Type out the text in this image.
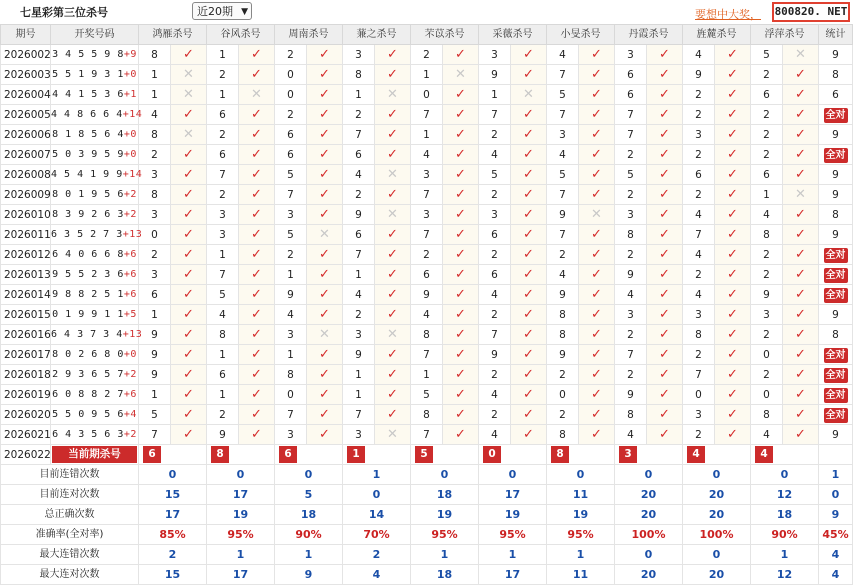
七星彩第三位杀号	近20期 ▼	要想中大奖， 800820. NET
期号	开奖号码	鸿雁杀号		谷风杀号		周南杀号		蒹之杀号		芣苡杀号		采薇杀号		小旻杀号		丹霞杀号		旌麓杀号		浮萍杀号		统计
2026002	3 4 5 5 9 8+9	8	✓	1	✓	2	✓	3	✓	2	✓	3	✓	4	✓	3	✓	4	✓	5	✕	9
2026003	5 5 1 9 3 1+0	1	✕	2	✓	0	✓	8	✓	1	✕	9	✓	7	✓	6	✓	9	✓	2	✓	8
2026004	4 4 1 5 3 6+1	1	✕	1	✕	0	✓	1	✕	0	✓	1	✕	5	✓	6	✓	2	✓	6	✓	6
2026005	4 4 8 6 6 4+14	4	✓	6	✓	2	✓	2	✓	7	✓	7	✓	7	✓	7	✓	2	✓	2	✓	全对
2026006	8 1 8 5 6 4+0	8	✕	2	✓	6	✓	7	✓	1	✓	2	✓	3	✓	7	✓	3	✓	2	✓	9
2026007	5 0 3 9 5 9+0	2	✓	6	✓	6	✓	6	✓	4	✓	4	✓	4	✓	2	✓	2	✓	2	✓	全对
2026008	4 5 4 1 9 9+14	3	✓	7	✓	5	✓	4	✕	3	✓	5	✓	5	✓	5	✓	6	✓	6	✓	9
2026009	8 0 1 9 5 6+2	8	✓	2	✓	7	✓	2	✓	7	✓	2	✓	7	✓	2	✓	2	✓	1	✕	9
2026010	8 3 9 2 6 3+2	3	✓	3	✓	3	✓	9	✕	3	✓	3	✓	9	✕	3	✓	4	✓	4	✓	8
2026011	6 3 5 2 7 3+13	0	✓	3	✓	5	✕	6	✓	7	✓	6	✓	7	✓	8	✓	7	✓	8	✓	9
2026012	6 4 0 6 6 8+6	2	✓	1	✓	2	✓	7	✓	2	✓	2	✓	2	✓	2	✓	4	✓	2	✓	全对
2026013	9 5 5 2 3 6+6	3	✓	7	✓	1	✓	1	✓	6	✓	6	✓	4	✓	9	✓	2	✓	2	✓	全对
2026014	9 8 8 2 5 1+6	6	✓	5	✓	9	✓	4	✓	9	✓	4	✓	9	✓	4	✓	4	✓	9	✓	全对
2026015	0 1 9 9 1 1+5	1	✓	4	✓	4	✓	2	✓	4	✓	2	✓	8	✓	3	✓	3	✓	3	✓	9
2026016	6 4 3 7 3 4+13	9	✓	8	✓	3	✕	3	✕	8	✓	7	✓	8	✓	2	✓	8	✓	2	✓	8
2026017	8 0 2 6 8 0+0	9	✓	1	✓	1	✓	9	✓	7	✓	9	✓	9	✓	7	✓	2	✓	0	✓	全对
2026018	2 9 3 6 5 7+2	9	✓	6	✓	8	✓	1	✓	1	✓	2	✓	2	✓	2	✓	7	✓	2	✓	全对
2026019	6 0 8 8 2 7+6	1	✓	1	✓	0	✓	1	✓	5	✓	4	✓	0	✓	9	✓	0	✓	0	✓	全对
2026020	5 5 0 9 5 6+4	5	✓	2	✓	7	✓	7	✓	8	✓	2	✓	2	✓	8	✓	3	✓	8	✓	全对
2026021	6 4 3 5 6 3+2	7	✓	9	✓	3	✓	3	✕	7	✓	4	✓	8	✓	4	✓	2	✓	4	✓	9
2026022	当前期杀号	6		8		6		1		5		0		8		3		4		4		

目前连错次数		0		0		0		1		0		0		0		0		0		0		1
目前连对次数		15		17		5		0		18		17		11		20		20		12		0
总正确次数		17		19		18		14		19		19		19		20		20		18		9
准确率(全对率)		85%		95%		90%		70%		95%		95%		95%		100%		100%		90%		45%
最大连错次数		2		1		1		2		1		1		1		0		0		1		4
最大连对次数		15		17		9		4		18		17		11		20		20		12		4
